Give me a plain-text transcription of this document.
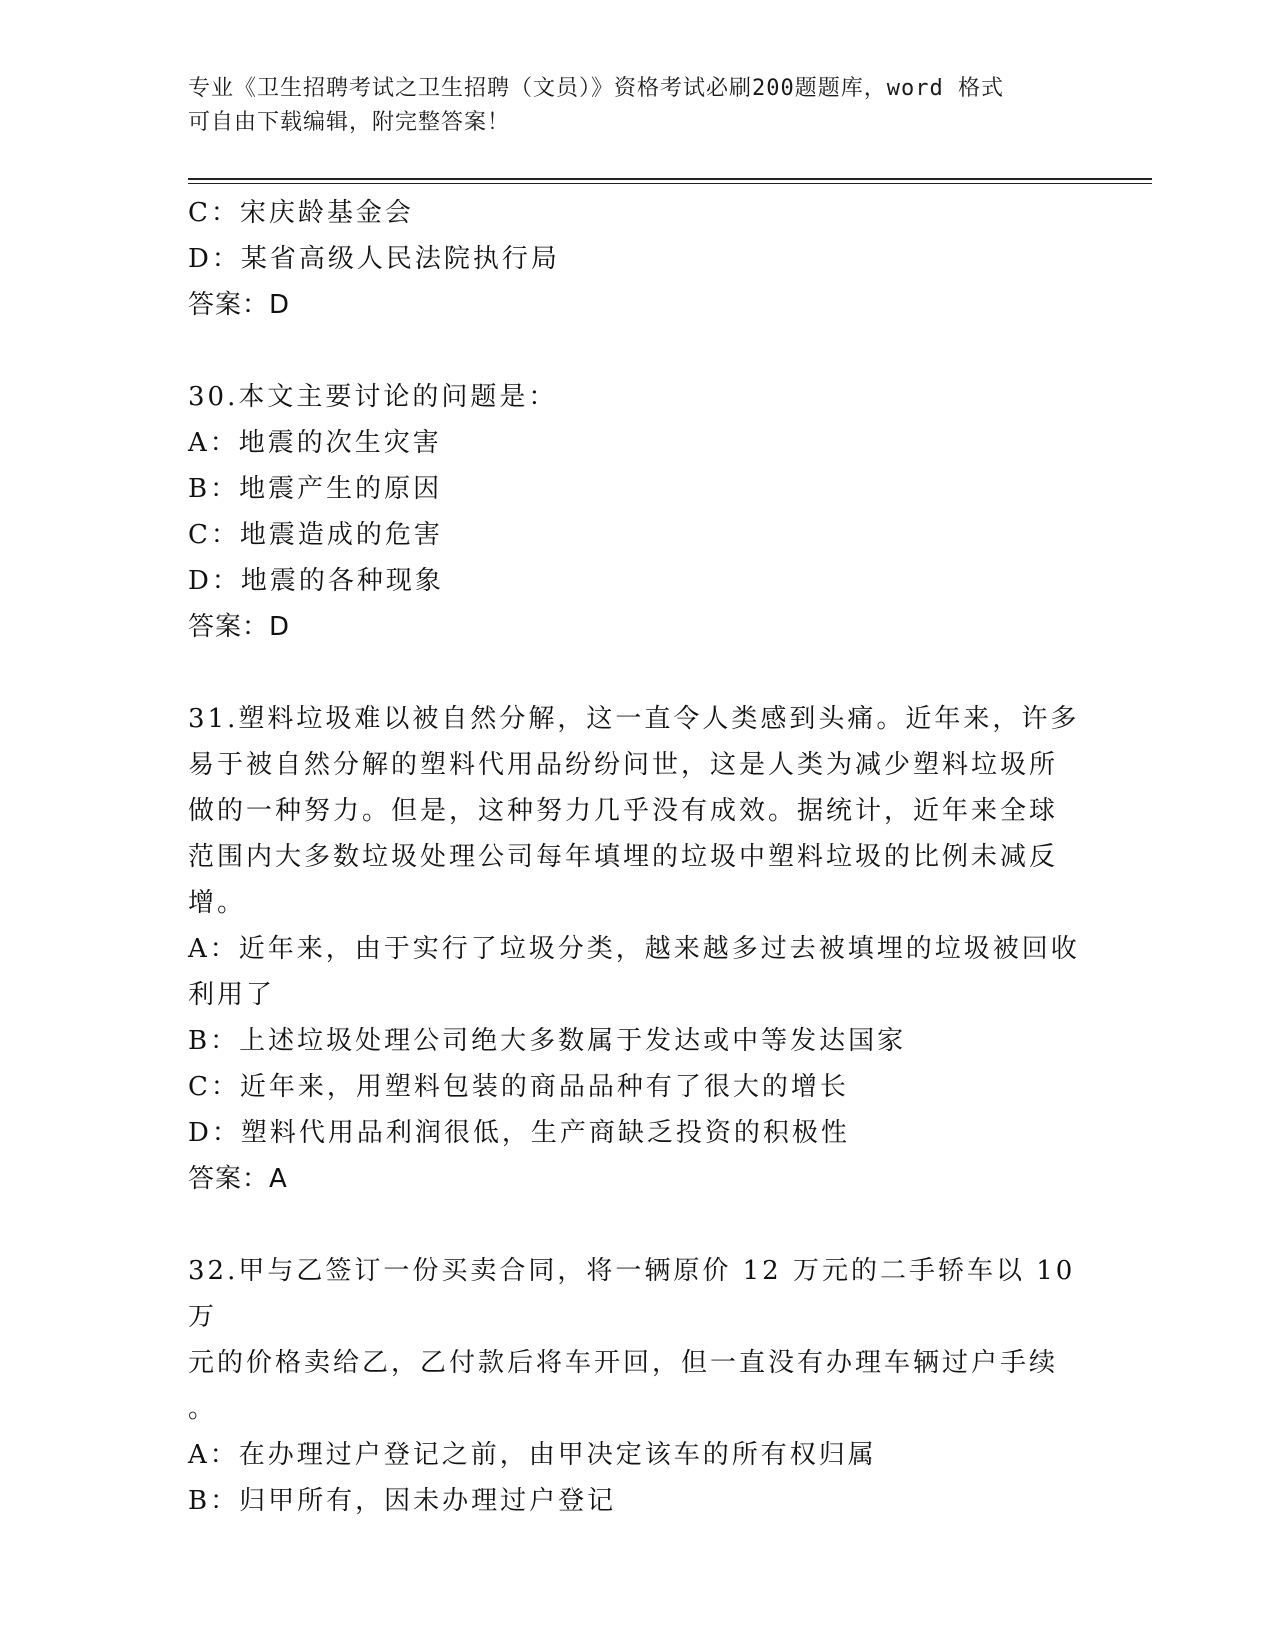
专业《卫生招聘考试之卫生招聘（文员）》资格考试必刷200题题库，word 格式
可自由下载编辑，附完整答案！

C：宋庆龄基金会

D：某省高级人民法院执行局

答案：D

30.本文主要讨论的问题是：

A：地震的次生灾害

B：地震产生的原因

C：地震造成的危害

D：地震的各种现象

答案：D

31.塑料垃圾难以被自然分解，这一直令人类感到头痛。近年来，许多

易于被自然分解的塑料代用品纷纷问世，这是人类为减少塑料垃圾所

做的一种努力。但是，这种努力几乎没有成效。据统计，近年来全球

范围内大多数垃圾处理公司每年填埋的垃圾中塑料垃圾的比例未减反

增。

A：近年来，由于实行了垃圾分类，越来越多过去被填埋的垃圾被回收

利用了

B：上述垃圾处理公司绝大多数属于发达或中等发达国家

C：近年来，用塑料包装的商品品种有了很大的增长

D：塑料代用品利润很低，生产商缺乏投资的积极性

答案：A

32.甲与乙签订一份买卖合同，将一辆原价 12 万元的二手轿车以 10 万

元的价格卖给乙，乙付款后将车开回，但一直没有办理车辆过户手续

。

A：在办理过户登记之前，由甲决定该车的所有权归属

B：归甲所有，因未办理过户登记
